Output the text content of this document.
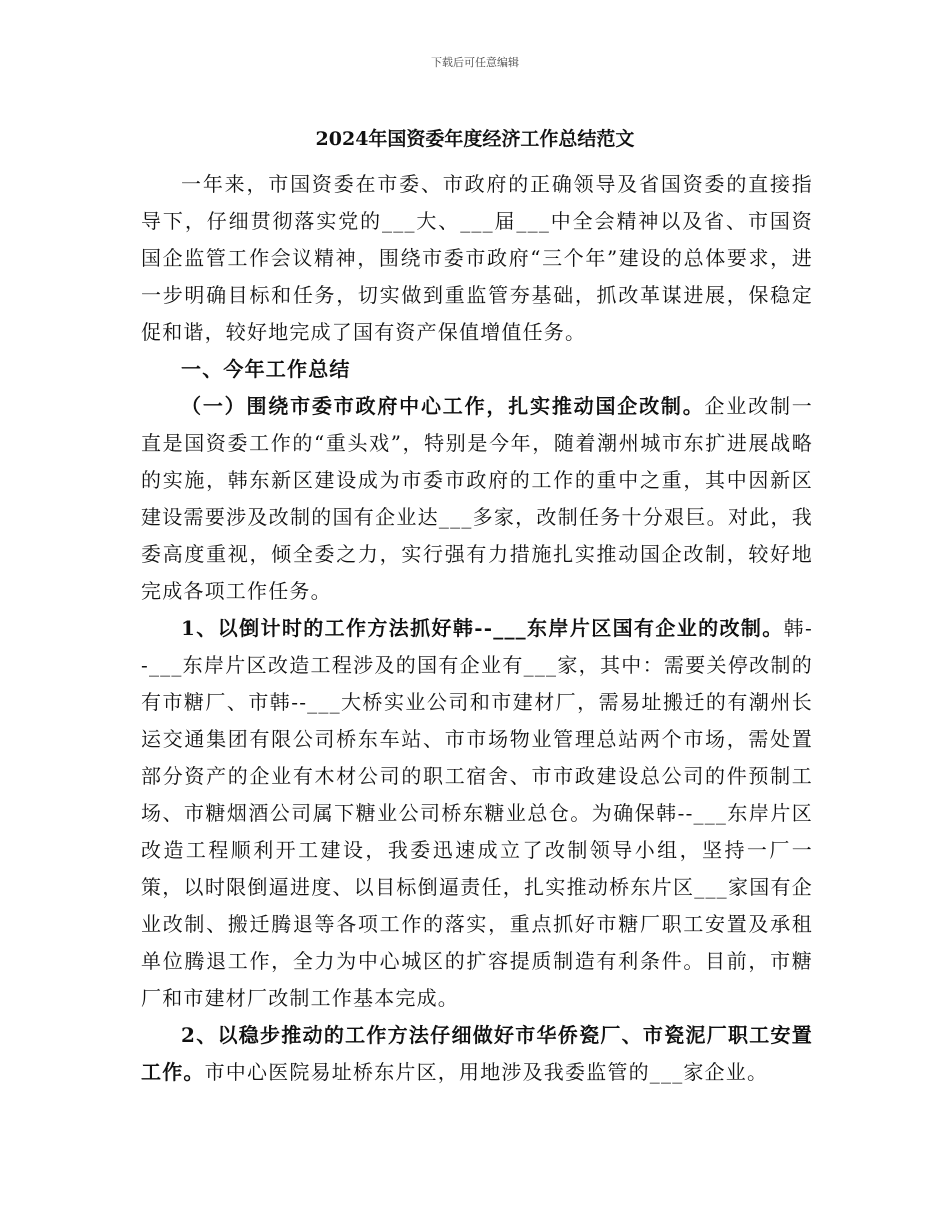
下载后可任意编辑
2024年国资委年度经济工作总结范文

一年来，市国资委在市委、市政府的正确领导及省国资委的直接指导下，仔细贯彻落实党的___大、___届___中全会精神以及省、市国资国企监管工作会议精神，围绕市委市政府“三个年”建设的总体要求，进一步明确目标和任务，切实做到重监管夯基础，抓改革谋进展，保稳定促和谐，较好地完成了国有资产保值增值任务。

一、今年工作总结

（一）围绕市委市政府中心工作，扎实推动国企改制。企业改制一直是国资委工作的“重头戏”，特别是今年，随着潮州城市东扩进展战略的实施，韩东新区建设成为市委市政府的工作的重中之重，其中因新区建设需要涉及改制的国有企业达___多家，改制任务十分艰巨。对此，我委高度重视，倾全委之力，实行强有力措施扎实推动国企改制，较好地完成各项工作任务。

1、以倒计时的工作方法抓好韩--___东岸片区国有企业的改制。韩--___东岸片区改造工程涉及的国有企业有___家，其中：需要关停改制的有市糖厂、市韩--___大桥实业公司和市建材厂，需易址搬迁的有潮州长运交通集团有限公司桥东车站、市市场物业管理总站两个市场，需处置部分资产的企业有木材公司的职工宿舍、市市政建设总公司的件预制工场、市糖烟酒公司属下糖业公司桥东糖业总仓。为确保韩--___东岸片区改造工程顺利开工建设，我委迅速成立了改制领导小组，坚持一厂一策，以时限倒逼进度、以目标倒逼责任，扎实推动桥东片区___家国有企业改制、搬迁腾退等各项工作的落实，重点抓好市糖厂职工安置及承租单位腾退工作，全力为中心城区的扩容提质制造有利条件。目前，市糖厂和市建材厂改制工作基本完成。

2、以稳步推动的工作方法仔细做好市华侨瓷厂、市瓷泥厂职工安置工作。市中心医院易址桥东片区，用地涉及我委监管的___家企业。
